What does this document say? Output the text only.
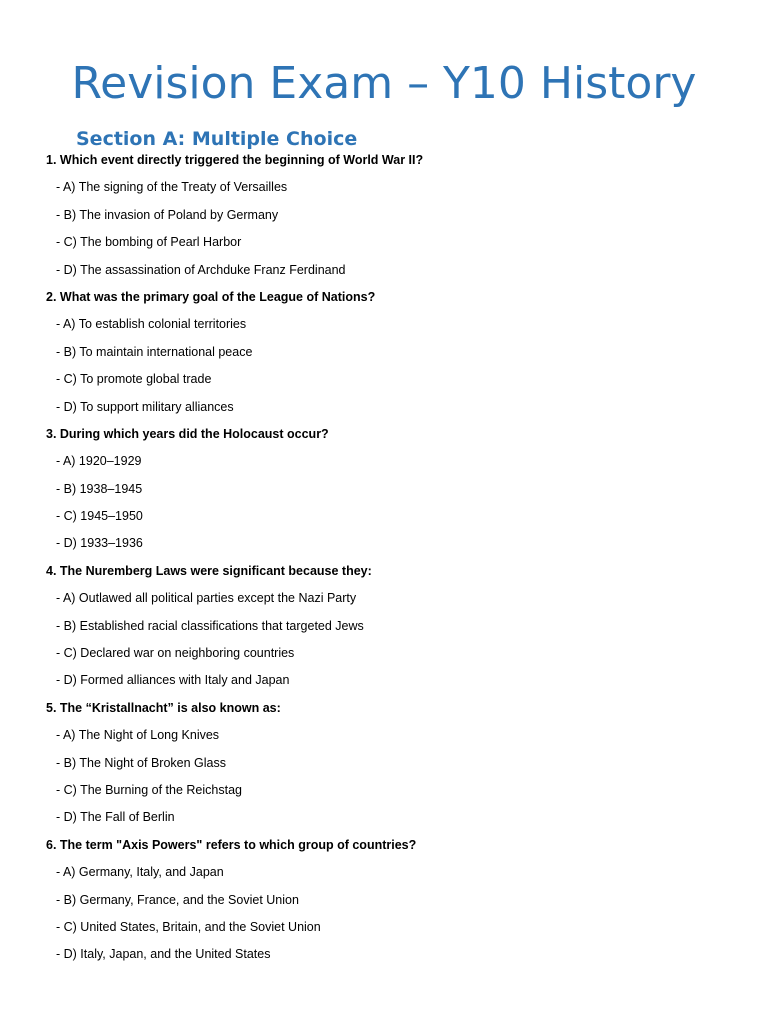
Revision Exam – Y10 History
Section A: Multiple Choice
1. Which event directly triggered the beginning of World War II?
- A) The signing of the Treaty of Versailles
- B) The invasion of Poland by Germany
- C) The bombing of Pearl Harbor
- D) The assassination of Archduke Franz Ferdinand
2. What was the primary goal of the League of Nations?
- A) To establish colonial territories
- B) To maintain international peace
- C) To promote global trade
- D) To support military alliances
3. During which years did the Holocaust occur?
- A) 1920–1929
- B) 1938–1945
- C) 1945–1950
- D) 1933–1936
4. The Nuremberg Laws were significant because they:
- A) Outlawed all political parties except the Nazi Party
- B) Established racial classifications that targeted Jews
- C) Declared war on neighboring countries
- D) Formed alliances with Italy and Japan
5. The “Kristallnacht” is also known as:
- A) The Night of Long Knives
- B) The Night of Broken Glass
- C) The Burning of the Reichstag
- D) The Fall of Berlin
6. The term "Axis Powers" refers to which group of countries?
- A) Germany, Italy, and Japan
- B) Germany, France, and the Soviet Union
- C) United States, Britain, and the Soviet Union
- D) Italy, Japan, and the United States
